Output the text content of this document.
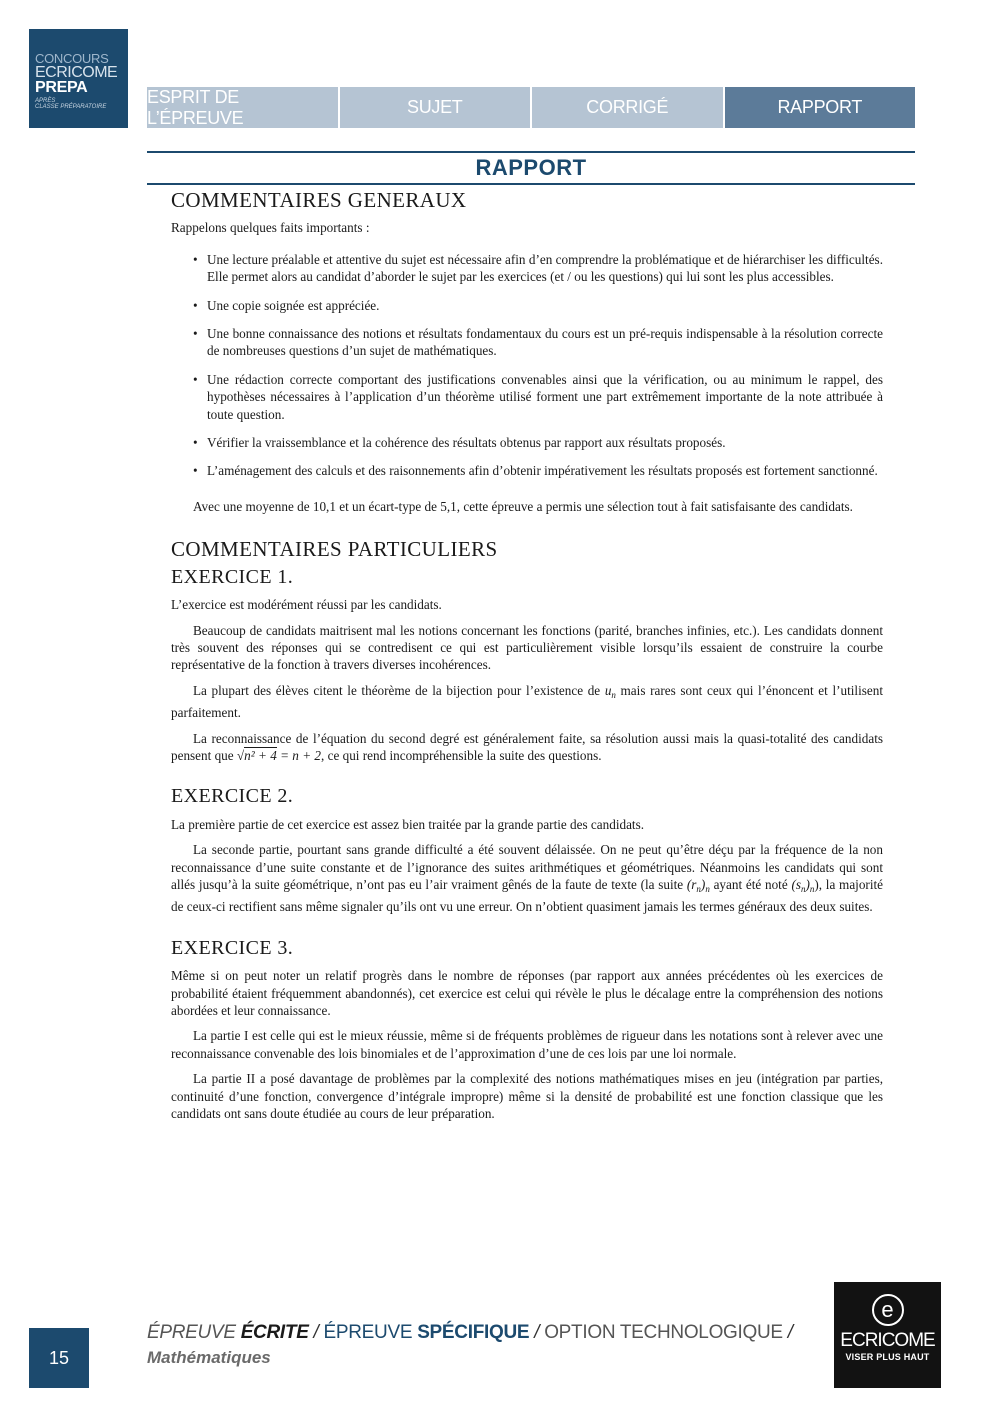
CONCOURS
ECRICOME
PREPA
APRÈS
CLASSE PRÉPARATOIRE
ESPRIT DE L’ÉPREUVE
SUJET	CORRIGÉ	RAPPORT
RAPPORT
COMMENTAIRES GENERAUX

Rappelons quelques faits importants :

• Une lecture préalable et attentive du sujet est nécessaire afin d’en comprendre la problématique et de hiérarchiser les difficultés. Elle permet alors au candidat d’aborder le sujet par les exercices (et / ou les questions) qui lui sont les plus accessibles.
• Une copie soignée est appréciée.
• Une bonne connaissance des notions et résultats fondamentaux du cours est un pré-requis indispensable à la résolution correcte de nombreuses questions d’un sujet de mathématiques.
• Une rédaction correcte comportant des justifications convenables ainsi que la vérification, ou au minimum le rappel, des hypothèses nécessaires à l’application d’un théorème utilisé forment une part extrêmement importante de la note attribuée à toute question.
• Vérifier la vraissemblance et la cohérence des résultats obtenus par rapport aux résultats proposés.
• L’aménagement des calculs et des raisonnements afin d’obtenir impérativement les résultats proposés est fortement sanctionné.

Avec une moyenne de 10,1 et un écart-type de 5,1, cette épreuve a permis une sélection tout à fait satisfaisante des candidats.

COMMENTAIRES PARTICULIERS
EXERCICE 1.

L’exercice est modérément réussi par les candidats.

Beaucoup de candidats maitrisent mal les notions concernant les fonctions (parité, branches infinies, etc.). Les candidats donnent très souvent des réponses qui se contredisent ce qui est particulièrement visible lorsqu’ils essaient de construire la courbe représentative de la fonction à travers diverses incohérences.

La plupart des élèves citent le théorème de la bijection pour l’existence de $u_n$ mais rares sont ceux qui l’énoncent et l’utilisent parfaitement.

La reconnaissance de l’équation du second degré est généralement faite, sa résolution aussi mais la quasi-totalité des candidats pensent que √n² + 4 = n + 2, ce qui rend incompréhensible la suite des questions.

EXERCICE 2.

La première partie de cet exercice est assez bien traitée par la grande partie des candidats.

La seconde partie, pourtant sans grande difficulté a été souvent délaissée. On ne peut qu’être déçu par la fréquence de la non reconnaissance d’une suite constante et de l’ignorance des suites arithmétiques et géométriques. Néanmoins les candidats qui sont allés jusqu’à la suite géométrique, n’ont pas eu l’air vraiment gênés de la faute de texte (la suite $(r_n)_n$ ayant été noté $(s_n)_n$), la majorité de ceux-ci rectifient sans même signaler qu’ils ont vu une erreur. On n’obtient quasiment jamais les termes généraux des deux suites.

EXERCICE 3.

Même si on peut noter un relatif progrès dans le nombre de réponses (par rapport aux années précédentes où les exercices de probabilité étaient fréquemment abandonnés), cet exercice est celui qui révèle le plus le décalage entre la compréhension des notions abordées et leur connaissance.

La partie I est celle qui est le mieux réussie, même si de fréquents problèmes de rigueur dans les notations sont à relever avec une reconnaissance convenable des lois binomiales et de l’approximation d’une de ces lois par une loi normale.

La partie II a posé davantage de problèmes par la complexité des notions mathématiques mises en jeu (intégration par parties, continuité d’une fonction, convergence d’intégrale impropre) même si la densité de probabilité est une fonction classique que les candidats ont sans doute étudiée au cours de leur préparation.

15
ÉPREUVE ÉCRITE / ÉPREUVE SPÉCIFIQUE / OPTION TECHNOLOGIQUE /
Mathématiques
e
ECRICOME
VISER PLUS HAUT
